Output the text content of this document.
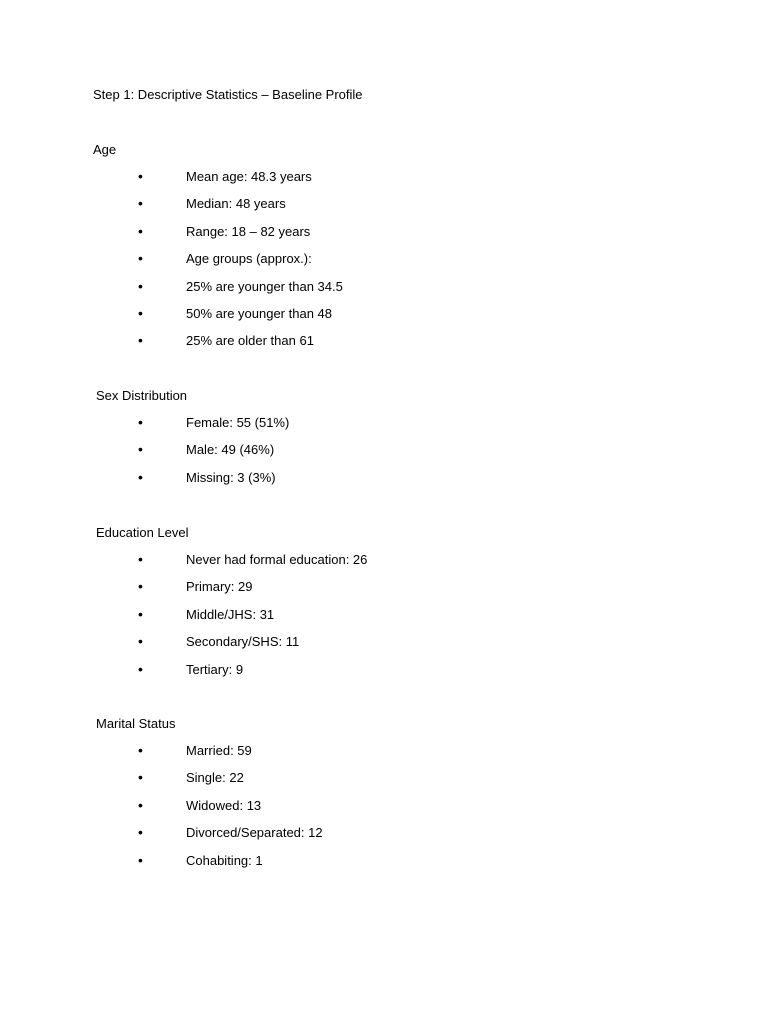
Step 1: Descriptive Statistics – Baseline Profile
Age
•	Mean age: 48.3 years
•	Median: 48 years
•	Range: 18 – 82 years
•	Age groups (approx.):
•	25% are younger than 34.5
•	50% are younger than 48
•	25% are older than 61
Sex Distribution
•	Female: 55 (51%)
•	Male: 49 (46%)
•	Missing: 3 (3%)
Education Level
•	Never had formal education: 26
•	Primary: 29
•	Middle/JHS: 31
•	Secondary/SHS: 11
•	Tertiary: 9
Marital Status
•	Married: 59
•	Single: 22
•	Widowed: 13
•	Divorced/Separated: 12
•	Cohabiting: 1
